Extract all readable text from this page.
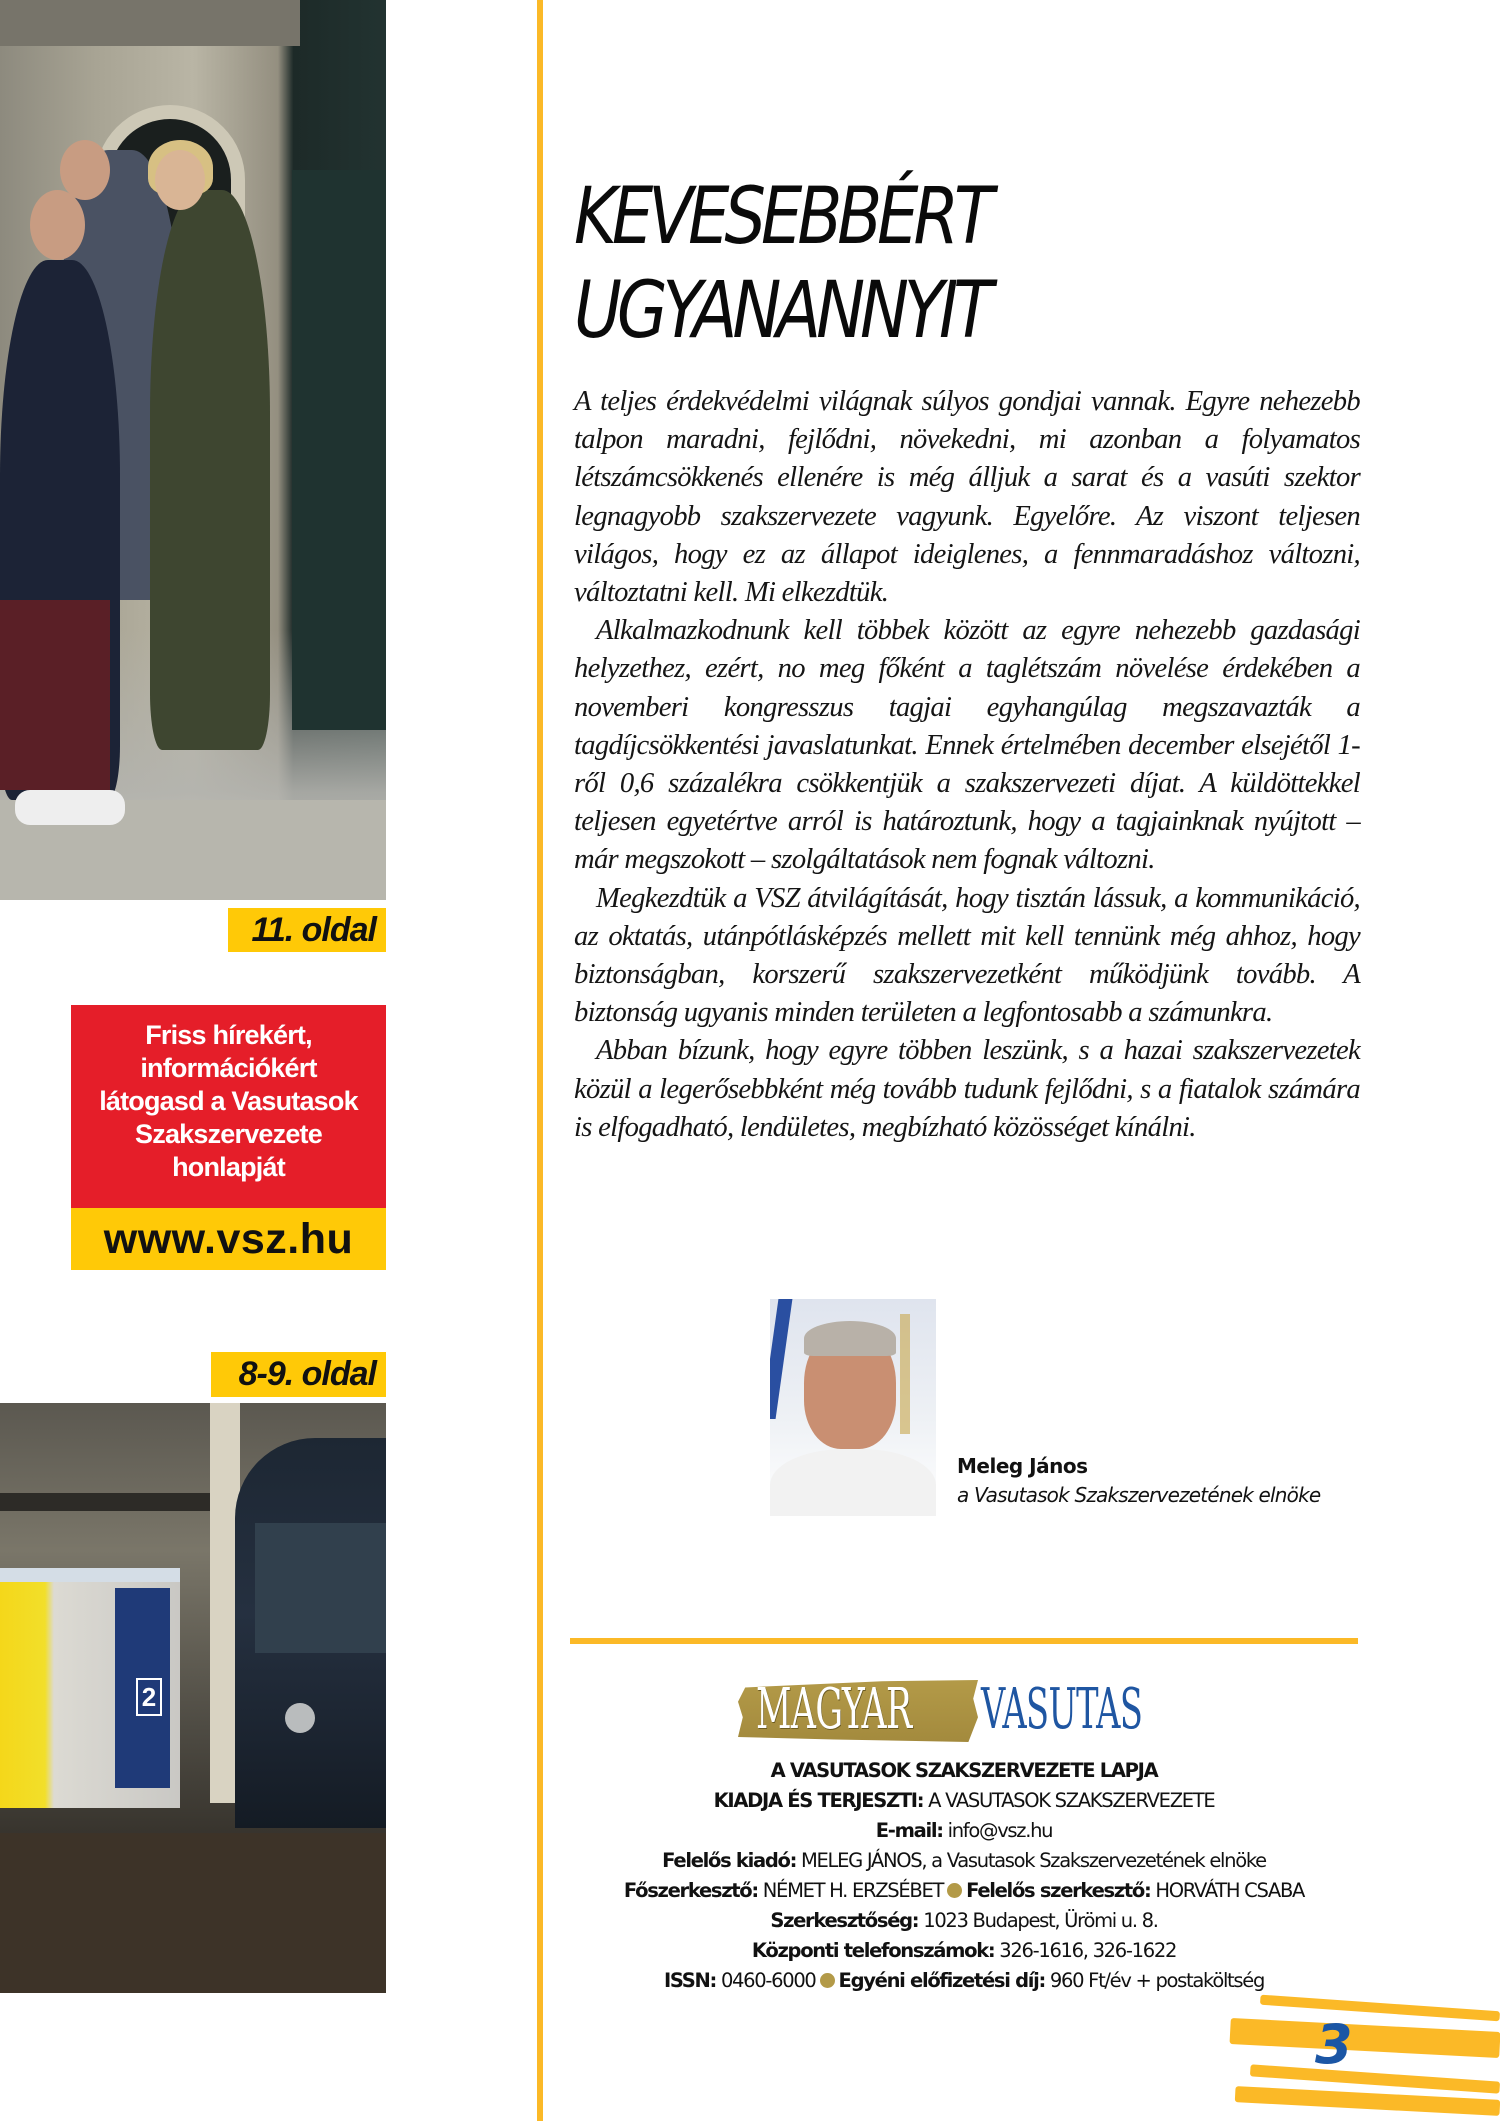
11. oldal
Friss hírekért,
információkért
látogasd a Vasutasok
Szakszervezete
honlapját
www.vsz.hu
8-9. oldal
2
KEVESEBBÉRT
UGYANANNYIT

A teljes érdekvédelmi világnak súlyos gondjai vannak. Egyre nehezebb talpon maradni, fejlődni, növekedni, mi azonban a folyamatos létszámcsökkenés ellenére is még álljuk a sarat és a vasúti szektor legnagyobb szakszervezete vagyunk. Egyelőre. Az viszont teljesen világos, hogy ez az állapot ideiglenes, a fennmaradáshoz változni, változtatni kell. Mi elkezdtük.

Alkalmazkodnunk kell többek között az egyre nehezebb gazdasági helyzethez, ezért, no meg főként a taglétszám növelése érdekében a novemberi kongresszus tagjai egyhangúlag megszavazták a tagdíjcsökkentési javaslatunkat. Ennek értelmében december elsejétől 1-ről 0,6 százalékra csökkentjük a szakszervezeti díjat. A küldöttekkel teljesen egyetértve arról is határoztunk, hogy a tagjainknak nyújtott – már megszokott – szolgáltatások nem fognak változni.

Megkezdtük a VSZ átvilágítását, hogy tisztán lássuk, a kommunikáció, az oktatás, utánpótlásképzés mellett mit kell tennünk még ahhoz, hogy biztonságban, korszerű szakszervezetként működjünk tovább. A biztonság ugyanis minden területen a legfontosabb a számunkra.

Abban bízunk, hogy egyre többen leszünk, s a hazai szakszervezetek közül a legerősebbként még tovább tudunk fejlődni, s a fiatalok számára is elfogadható, lendületes, megbízható közösséget kínálni.

Meleg János
a Vasutasok Szakszervezetének elnöke
MAGYAR VASUTAS
A VASUTASOK SZAKSZERVEZETE LAPJA
KIADJA ÉS TERJESZTI: A VASUTASOK SZAKSZERVEZETE
E-mail: info@vsz.hu
Felelős kiadó: MELEG JÁNOS, a Vasutasok Szakszervezetének elnöke
Főszerkesztő: NÉMET H. ERZSÉBET Felelős szerkesztő: HORVÁTH CSABA
Szerkesztőség: 1023 Budapest, Ürömi u. 8.
Központi telefonszámok: 326-1616, 326-1622
ISSN: 0460-6000 Egyéni előfizetési díj: 960 Ft/év + postaköltség
3
